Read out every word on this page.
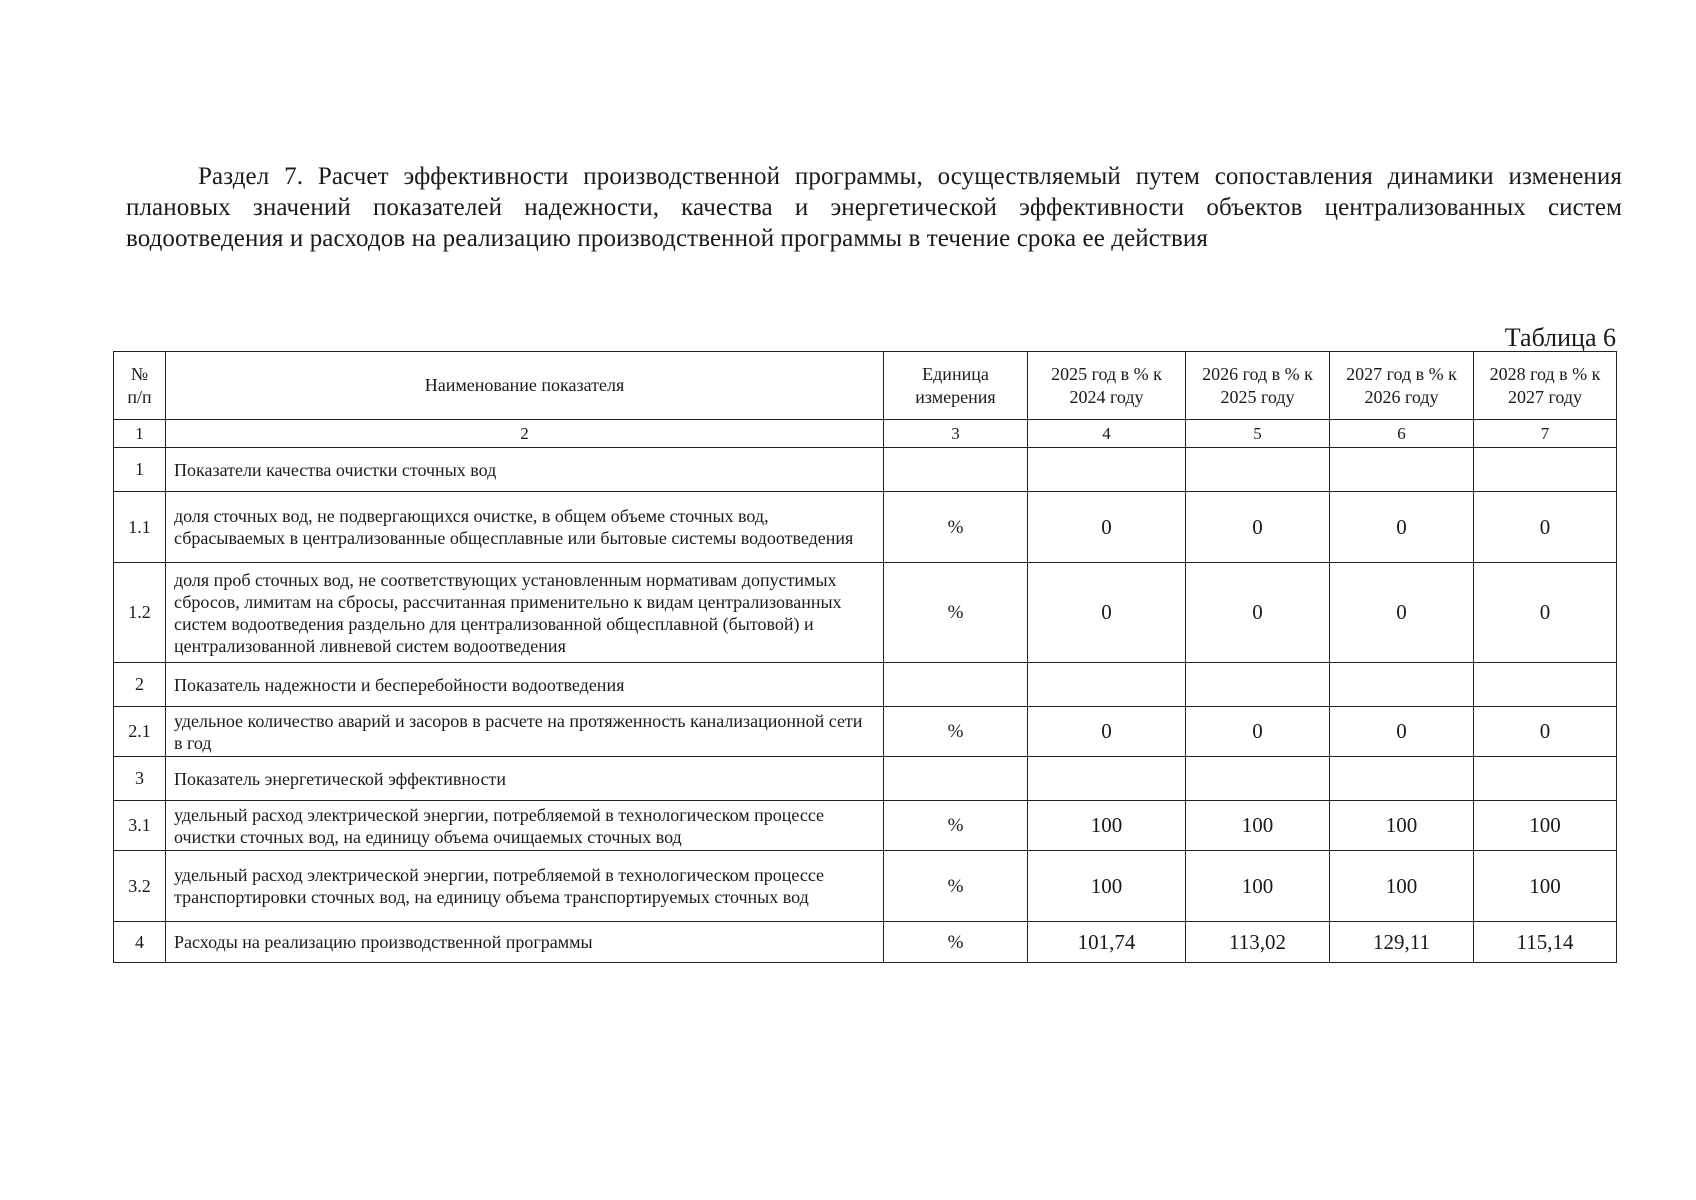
Раздел 7. Расчет эффективности производственной программы, осуществляемый путем сопоставления динамики изменения плановых значений показателей надежности, качества и энергетической эффективности объектов централизованных систем водоотведения и расходов на реализацию производственной программы в течение срока ее действия
Таблица 6
№ п/п	Наименование показателя	Единица измерения	2025 год в % к 2024 году	2026 год в % к 2025 году	2027 год в % к 2026 году	2028 год в % к 2027 году
1	2	3	4	5	6	7
1	Показатели качества очистки сточных вод					
1.1	доля сточных вод, не подвергающихся очистке, в общем объеме сточных вод, сбрасываемых в централизованные общесплавные или бытовые системы водоотведения	%	0	0	0	0
1.2	доля проб сточных вод, не соответствующих установленным нормативам допустимых сбросов, лимитам на сбросы, рассчитанная применительно к видам централизованных систем водоотведения раздельно для централизованной общесплавной (бытовой) и централизованной ливневой систем водоотведения	%	0	0	0	0
2	Показатель надежности и бесперебойности водоотведения					
2.1	удельное количество аварий и засоров в расчете на протяженность канализационной сети в год	%	0	0	0	0
3	Показатель энергетической эффективности					
3.1	удельный расход электрической энергии, потребляемой в технологическом процессе очистки сточных вод, на единицу объема очищаемых сточных вод	%	100	100	100	100
3.2	удельный расход электрической энергии, потребляемой в технологическом процессе транспортировки сточных вод, на единицу объема транспортируемых сточных вод	%	100	100	100	100
4	Расходы на реализацию производственной программы	%	101,74	113,02	129,11	115,14
